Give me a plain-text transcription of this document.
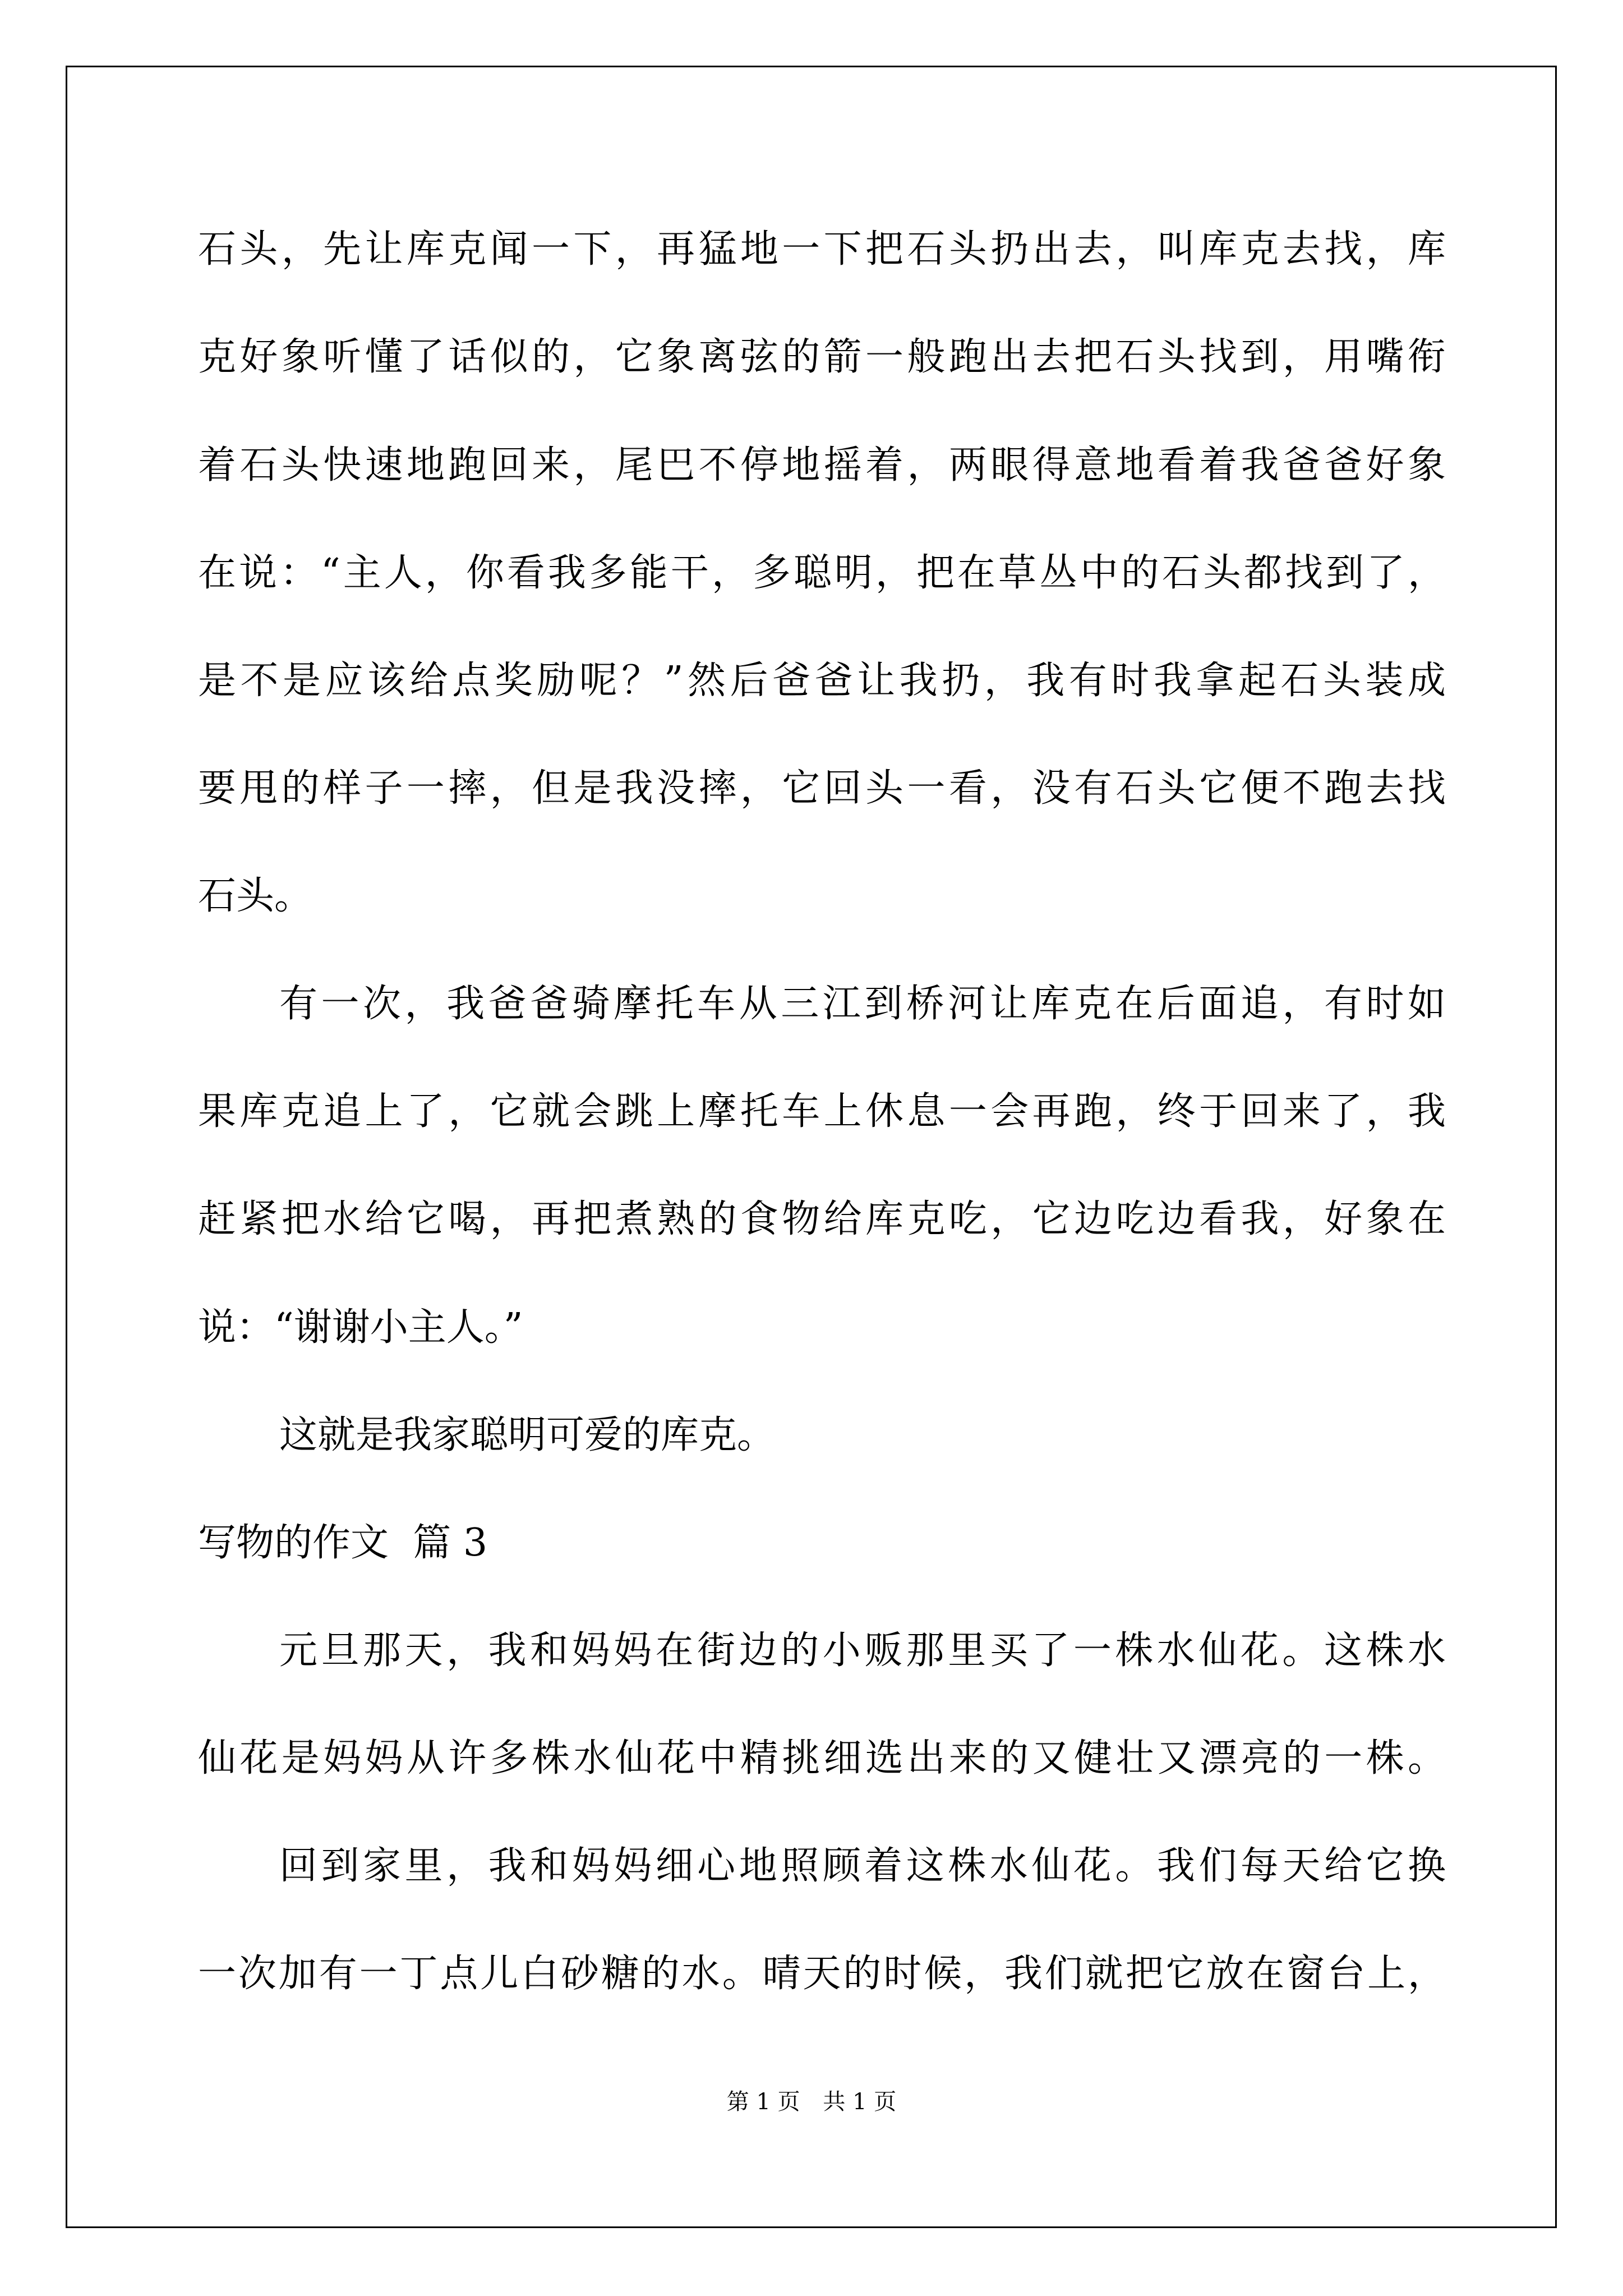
石头，先让库克闻一下，再猛地一下把石头扔出去，叫库克去找，库
克好象听懂了话似的，它象离弦的箭一般跑出去把石头找到，用嘴衔
着石头快速地跑回来，尾巴不停地摇着，两眼得意地看着我爸爸好象
在说：“主人，你看我多能干，多聪明，把在草丛中的石头都找到了，
是不是应该给点奖励呢？”然后爸爸让我扔，我有时我拿起石头装成
要甩的样子一摔，但是我没摔，它回头一看，没有石头它便不跑去找
石头。
有一次，我爸爸骑摩托车从三江到桥河让库克在后面追，有时如
果库克追上了，它就会跳上摩托车上休息一会再跑，终于回来了，我
赶紧把水给它喝，再把煮熟的食物给库克吃，它边吃边看我，好象在
说：“谢谢小主人。”
这就是我家聪明可爱的库克。
写物的作文  篇 3
元旦那天，我和妈妈在街边的小贩那里买了一株水仙花。这株水
仙花是妈妈从许多株水仙花中精挑细选出来的又健壮又漂亮的一株。
回到家里，我和妈妈细心地照顾着这株水仙花。我们每天给它换
一次加有一丁点儿白砂糖的水。晴天的时候，我们就把它放在窗台上，
第 1 页 共 1 页
